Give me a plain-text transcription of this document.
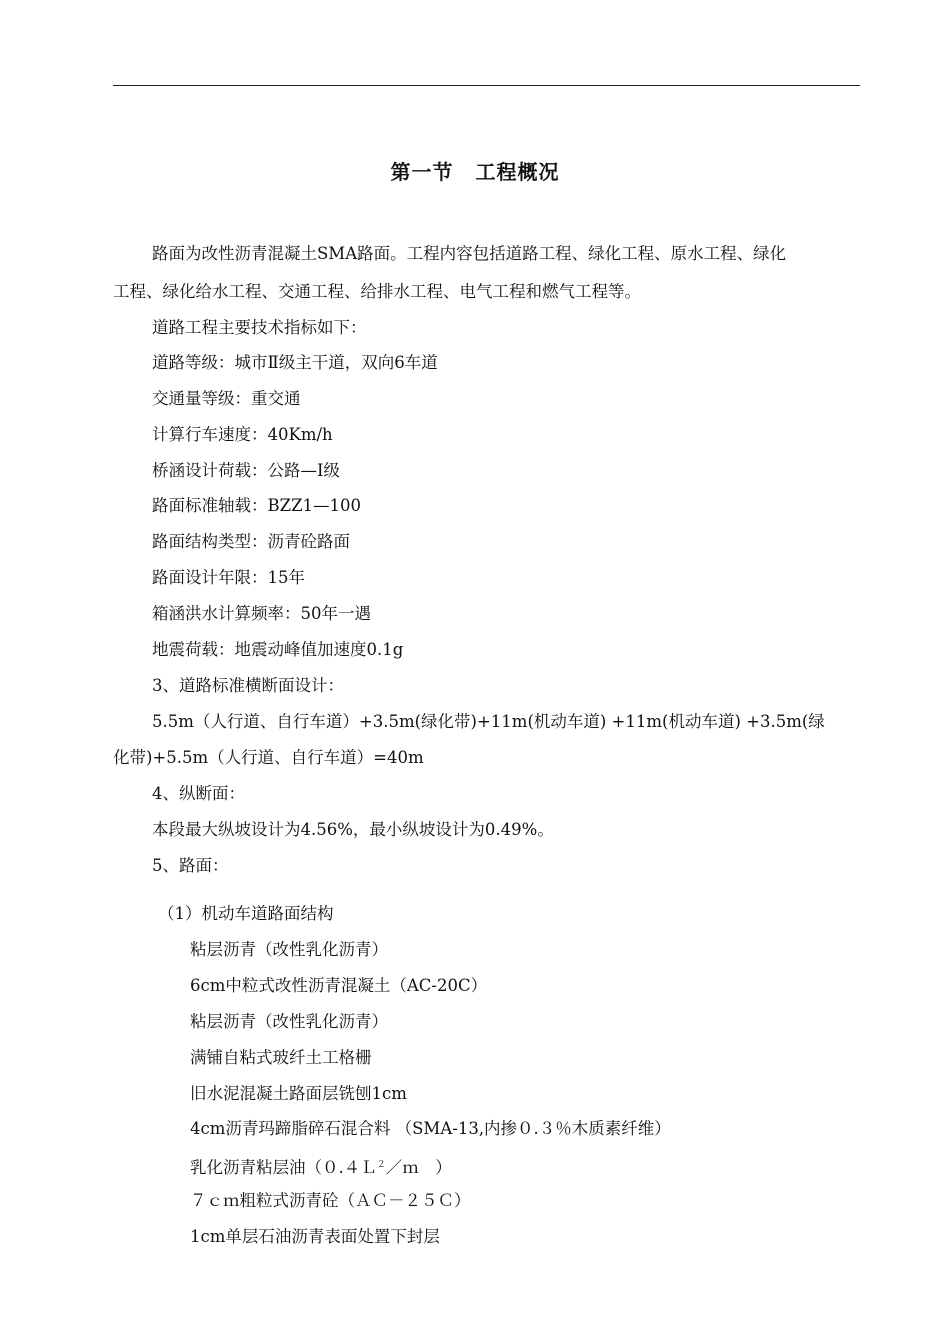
第一节 工程概况
路面为改性沥青混凝土SMA路面。工程内容包括道路工程、绿化工程、原水工程、绿化
工程、绿化给水工程、交通工程、给排水工程、电气工程和燃气工程等。
道路工程主要技术指标如下：
道路等级：城市Ⅱ级主干道，双向6车道
交通量等级：重交通
计算行车速度：40Km/h
桥涵设计荷载：公路—Ⅰ级
路面标准轴载：BZZ1—100
路面结构类型：沥青砼路面
路面设计年限：15年
箱涵洪水计算频率：50年一遇
地震荷载：地震动峰值加速度0.1g
3、道路标准横断面设计：
5.5m（人行道、自行车道）+3.5m(绿化带)+11m(机动车道) +11m(机动车道) +3.5m(绿
化带)+5.5m（人行道、自行车道）=40m
4、纵断面：
本段最大纵坡设计为4.56%，最小纵坡设计为0.49%。
5、路面：
（1）机动车道路面结构
粘层沥青（改性乳化沥青）
6cm中粒式改性沥青混凝土（AC-20C）
粘层沥青（改性乳化沥青）
满铺自粘式玻纤土工格栅
旧水泥混凝土路面层铣刨1cm
4cm沥青玛蹄脂碎石混合料 （SMA-13,内掺０.３％木质素纤维）
乳化沥青粘层油（０.４Ｌ$^2$／ｍ　）
７ｃｍ粗粒式沥青砼（ＡＣ－２５Ｃ）
1cm单层石油沥青表面处置下封层
